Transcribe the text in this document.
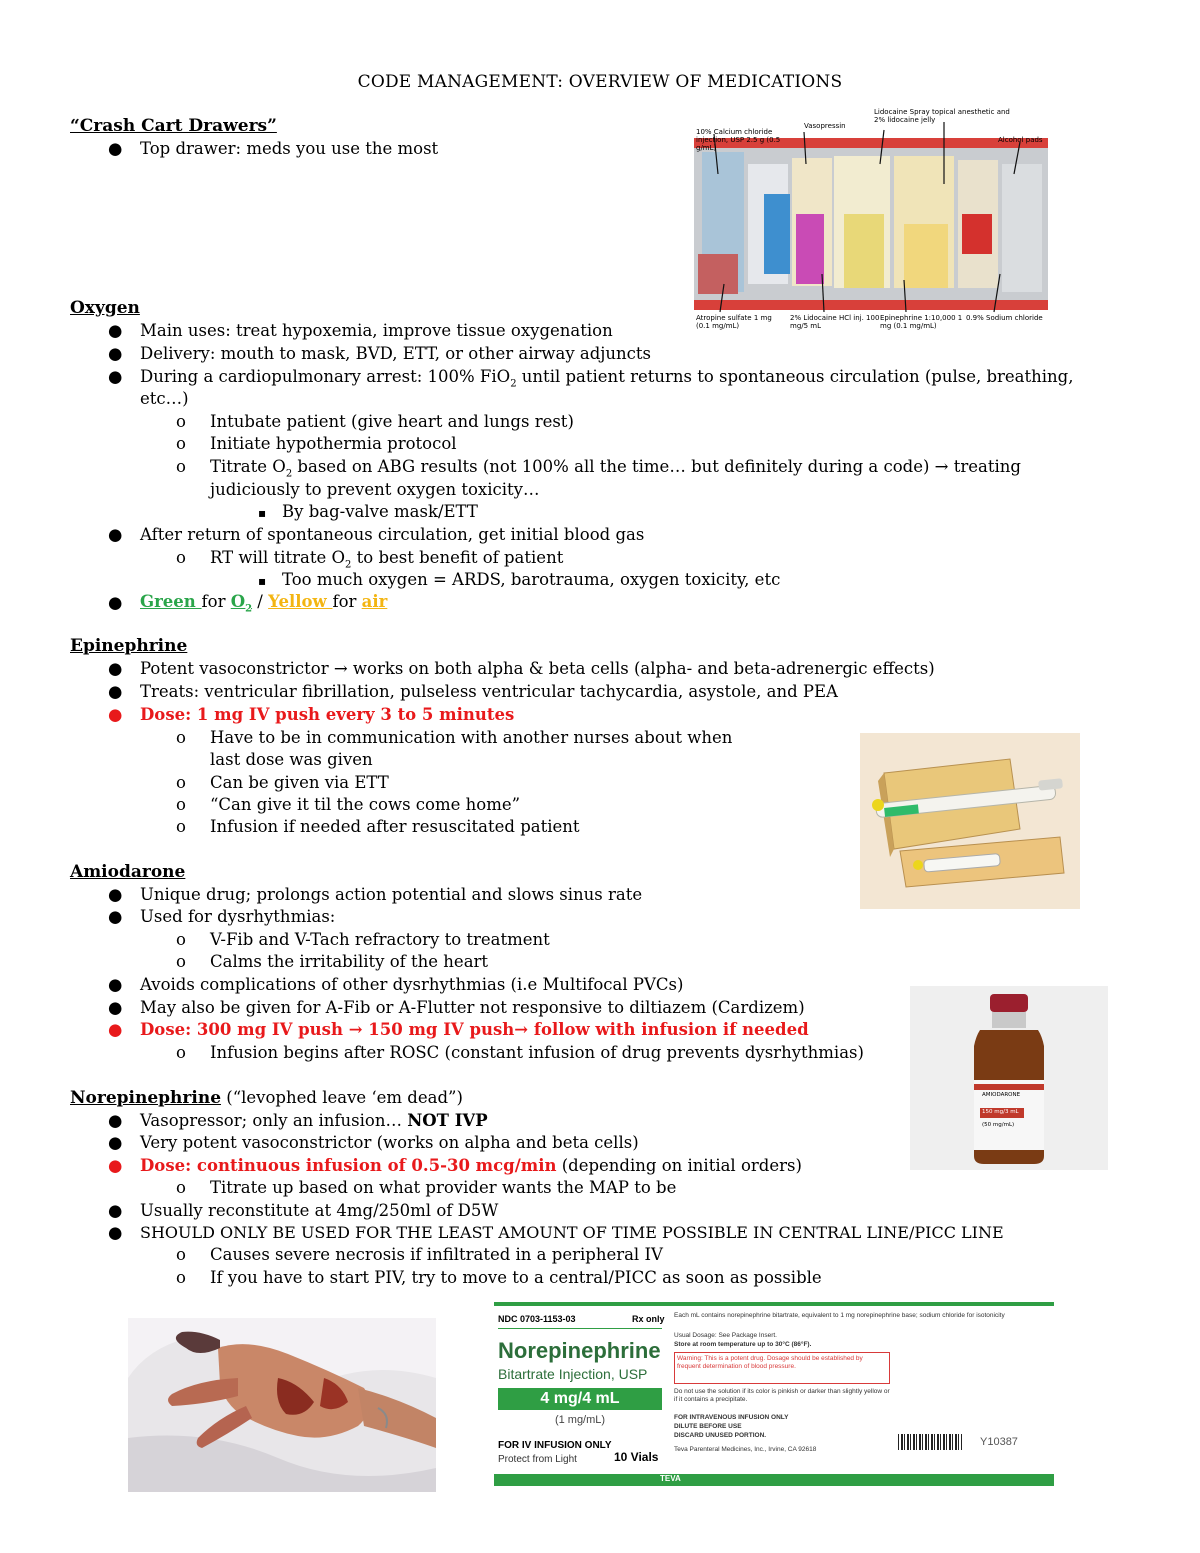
CODE MANAGEMENT: OVERVIEW OF MEDICATIONS
“Crash Cart Drawers”
● Top drawer: meds you use the most
10% Calcium chloride injection, USP 2.5 g (0.5 g/mL)
Vasopressin
Lidocaine Spray topical anesthetic and 2% lidocaine jelly
Alcohol pads
Atropine sulfate 1 mg (0.1 mg/mL)
2% Lidocaine HCl inj. 100 mg/5 mL
Epinephrine 1:10,000 1 mg (0.1 mg/mL)
0.9% Sodium chloride
Oxygen
● Main uses: treat hypoxemia, improve tissue oxygenation
● Delivery: mouth to mask, BVD, ETT, or other airway adjuncts
● During a cardiopulmonary arrest: 100% FiO$_2$ until patient returns to spontaneous circulation (pulse, breathing,
etc…)
o Intubate patient (give heart and lungs rest)
o Initiate hypothermia protocol
o Titrate $O_2$ based on ABG results (not 100% all the time… but definitely during a code) → treating
judiciously to prevent oxygen toxicity…
▪ By bag-valve mask/ETT
● After return of spontaneous circulation, get initial blood gas
o RT will titrate $O_2$ to best benefit of patient
▪ Too much oxygen = ARDS, barotrauma, oxygen toxicity, etc
● Green for $O_2$ / Yellow for air
Epinephrine
● Potent vasoconstrictor → works on both alpha & beta cells (alpha- and beta-adrenergic effects)
● Treats: ventricular fibrillation, pulseless ventricular tachycardia, asystole, and PEA
● Dose: 1 mg IV push every 3 to 5 minutes
o Have to be in communication with another nurses about when
last dose was given
o Can be given via ETT
o “Can give it til the cows come home”
o Infusion if needed after resuscitated patient
Amiodarone
● Unique drug; prolongs action potential and slows sinus rate
● Used for dysrhythmias:
o V-Fib and V-Tach refractory to treatment
o Calms the irritability of the heart
● Avoids complications of other dysrhythmias (i.e Multifocal PVCs)
● May also be given for A-Fib or A-Flutter not responsive to diltiazem (Cardizem)
● Dose: 300 mg IV push → 150 mg IV push→ follow with infusion if needed
o Infusion begins after ROSC (constant infusion of drug prevents dysrhythmias)
AMIODARONE
150 mg/3 mL
(50 mg/mL)
Norepinephrine (“levophed leave ‘em dead”)
● Vasopressor; only an infusion… NOT IVP
● Very potent vasoconstrictor (works on alpha and beta cells)
● Dose: continuous infusion of 0.5-30 mcg/min (depending on initial orders)
o Titrate up based on what provider wants the MAP to be
● Usually reconstitute at 4mg/250ml of D5W
● SHOULD ONLY BE USED FOR THE LEAST AMOUNT OF TIME POSSIBLE IN CENTRAL LINE/PICC LINE
o Causes severe necrosis if infiltrated in a peripheral IV
o If you have to start PIV, try to move to a central/PICC as soon as possible
TEVA
NDC 0703-1153-03	Rx only
Norepinephrine
Bitartrate Injection, USP
4 mg/4 mL
(1 mg/mL)
FOR IV INFUSION ONLY
Protect from Light	10 Vials
Each mL contains norepinephrine bitartrate, equivalent to 1 mg norepinephrine base; sodium chloride for isotonicity
Usual Dosage: See Package Insert.
Store at room temperature up to 30°C (86°F).
Warning: This is a potent drug. Dosage should be established by frequent determination of blood pressure.
Do not use the solution if its color is pinkish or darker than slightly yellow or if it contains a precipitate.
FOR INTRAVENOUS INFUSION ONLY
DILUTE BEFORE USE
DISCARD UNUSED PORTION.
Teva Parenteral Medicines, Inc., Irvine, CA 92618
Y10387
